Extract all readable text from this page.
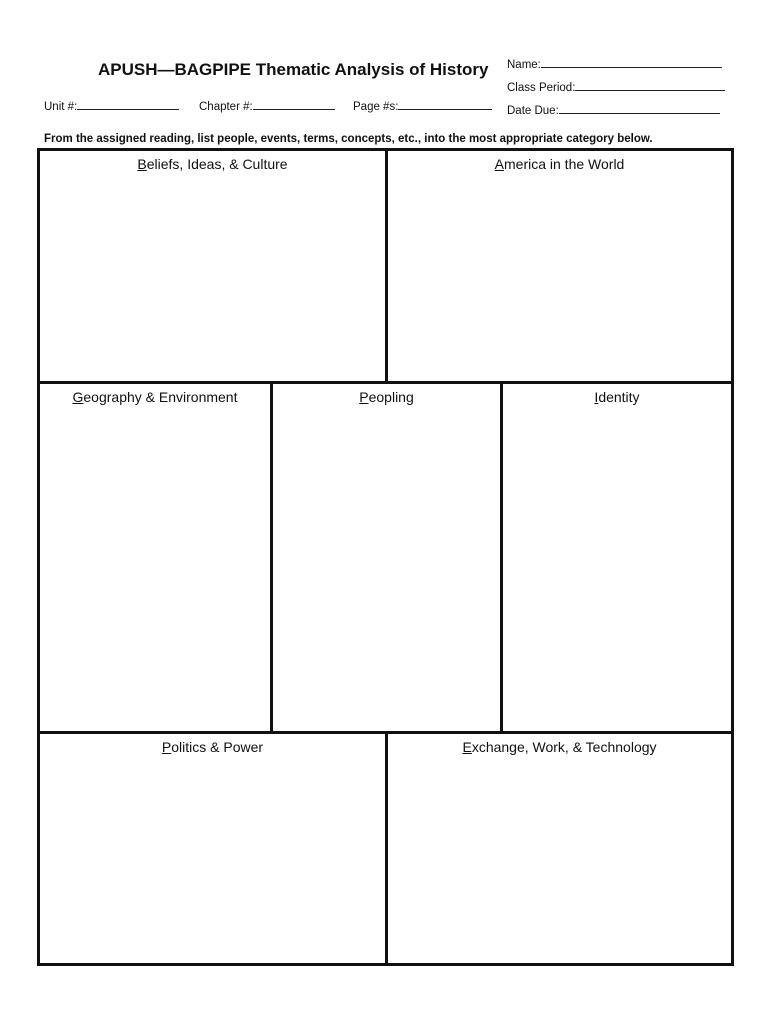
APUSH—BAGPIPE Thematic Analysis of History
Unit #:	Chapter #:	Page #s:
Name:
Class Period:
Date Due:
From the assigned reading, list people, events, terms, concepts, etc., into the most appropriate category below.
Beliefs, Ideas, & Culture	America in the World
Geography & Environment	Peopling	Identity
Politics & Power	Exchange, Work, & Technology
